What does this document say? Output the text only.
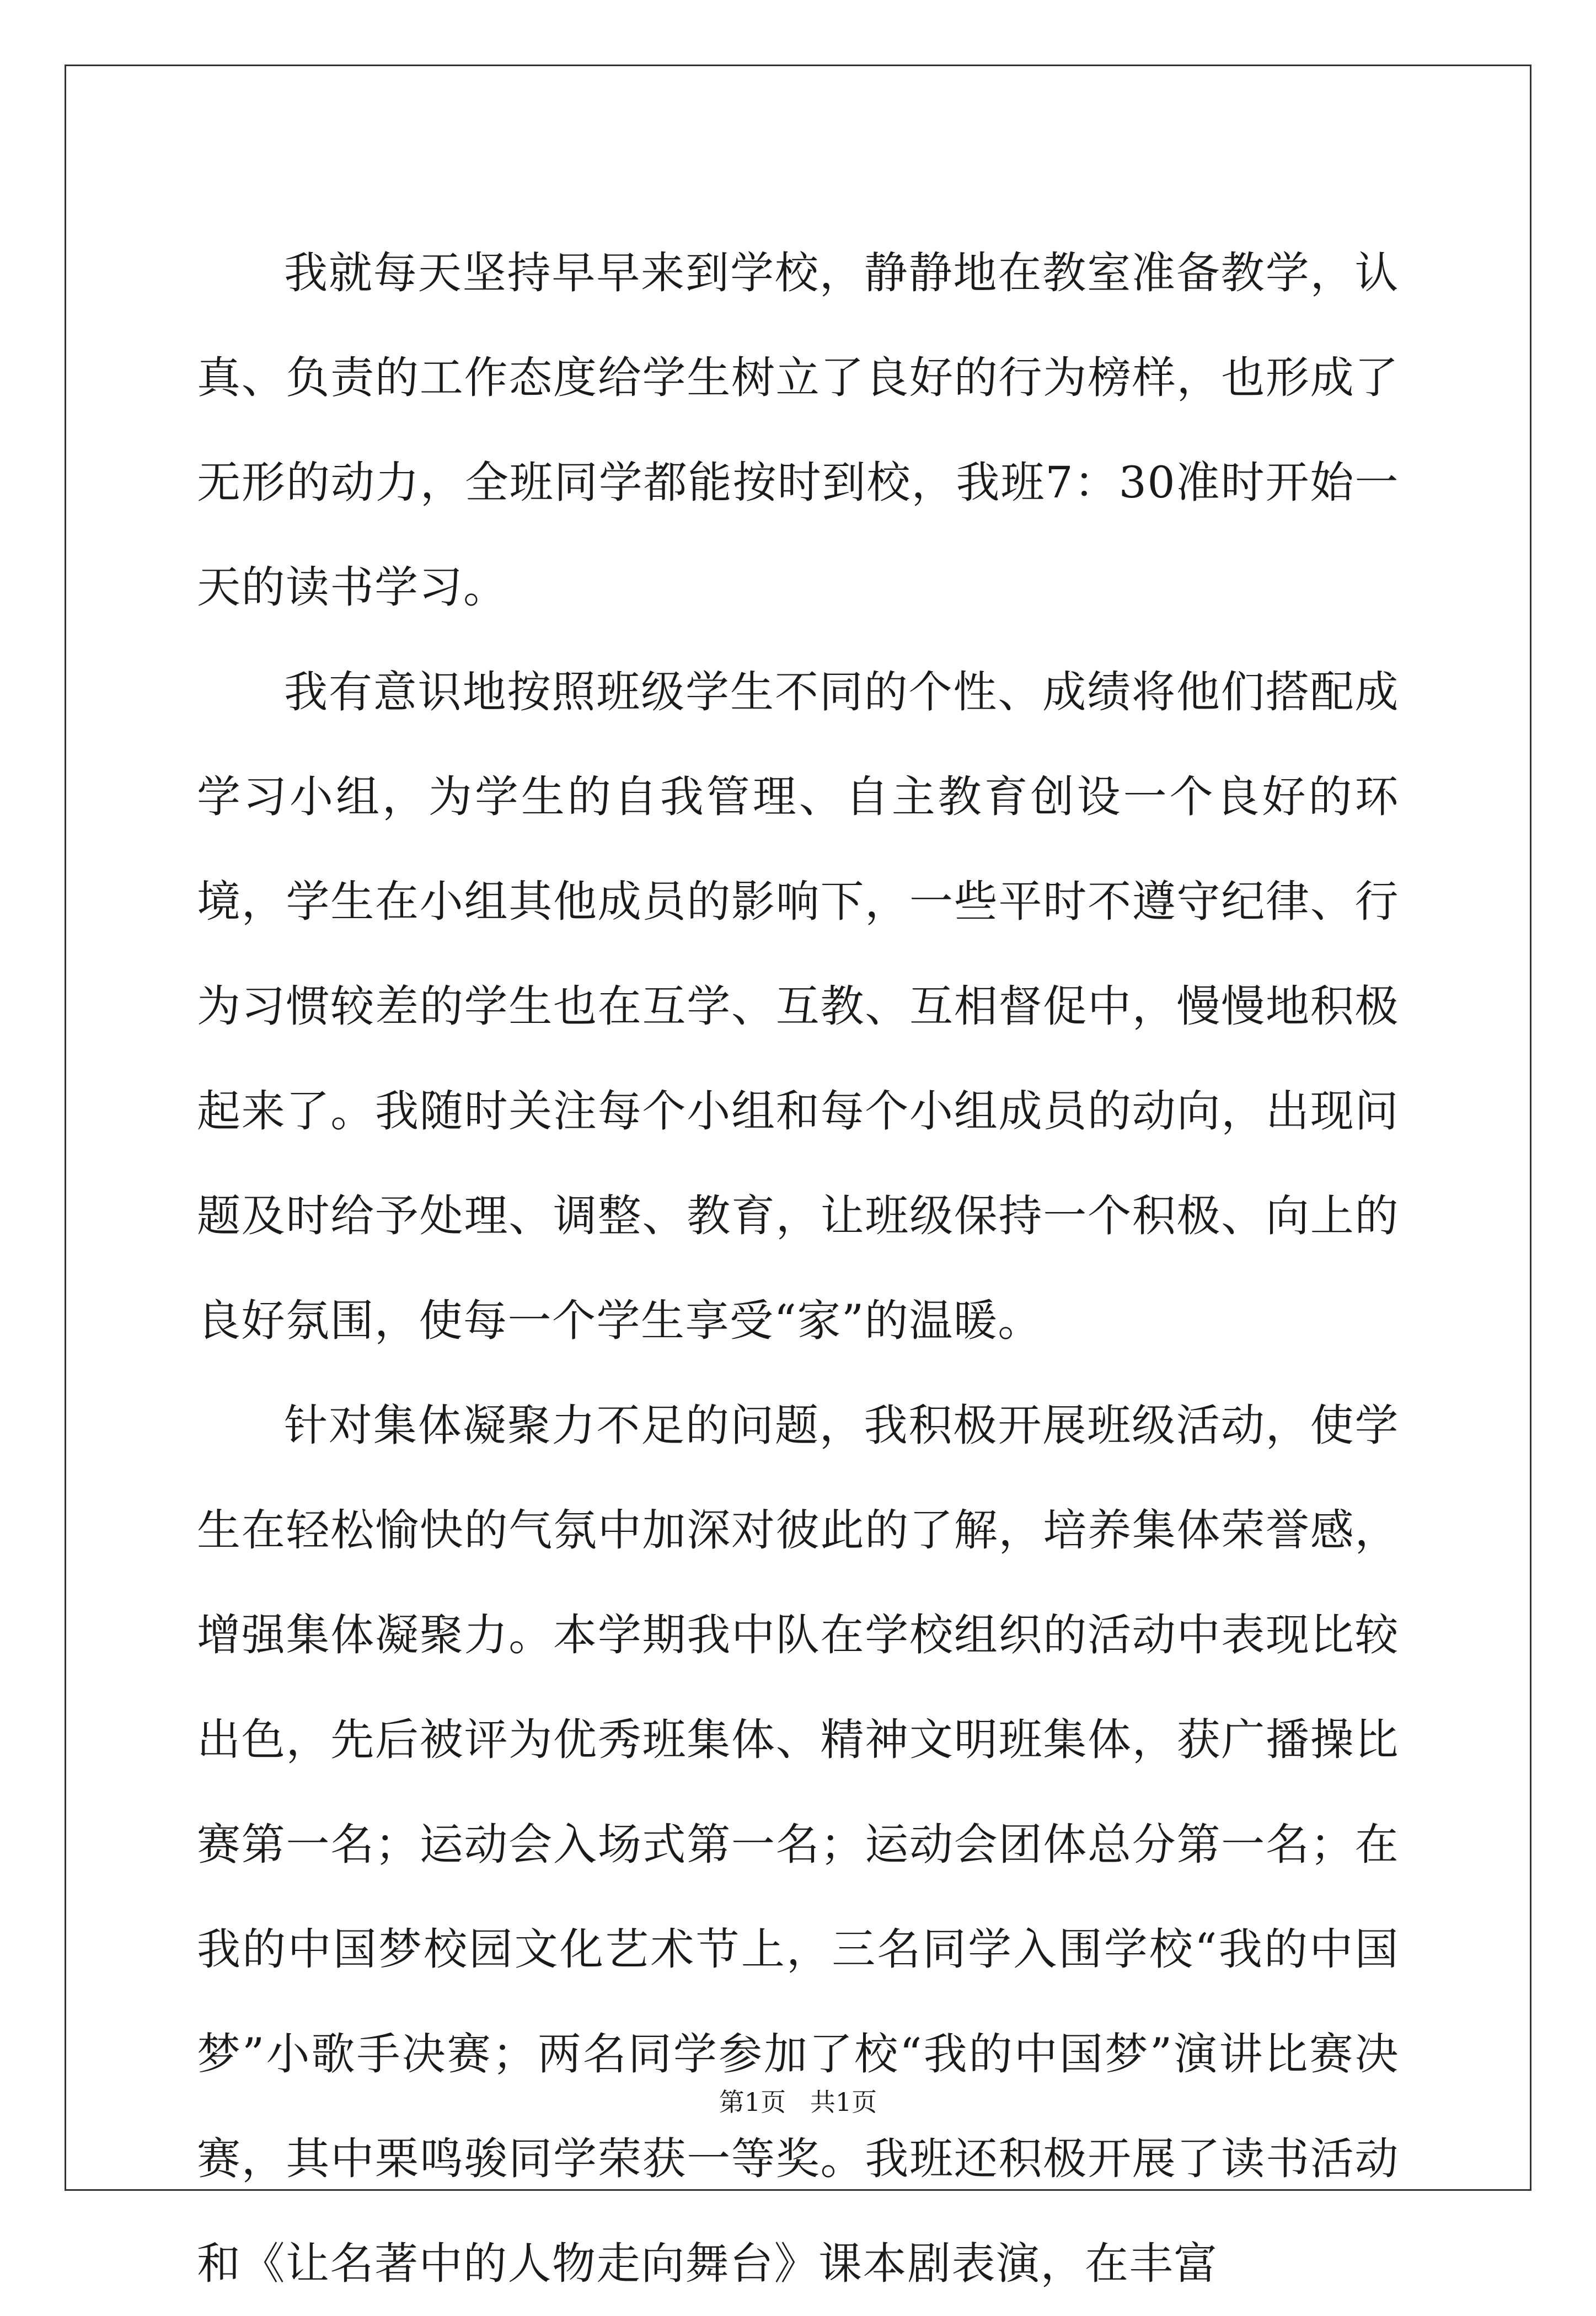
我就每天坚持早早来到学校，静静地在教室准备教学，认真、负责的工作态度给学生树立了良好的行为榜样，也形成了无形的动力，全班同学都能按时到校，我班7：30准时开始一天的读书学习。

我有意识地按照班级学生不同的个性、成绩将他们搭配成学习小组，为学生的自我管理、自主教育创设一个良好的环境，学生在小组其他成员的影响下，一些平时不遵守纪律、行为习惯较差的学生也在互学、互教、互相督促中，慢慢地积极起来了。我随时关注每个小组和每个小组成员的动向，出现问题及时给予处理、调整、教育，让班级保持一个积极、向上的良好氛围，使每一个学生享受“家”的温暖。

针对集体凝聚力不足的问题，我积极开展班级活动，使学生在轻松愉快的气氛中加深对彼此的了解，培养集体荣誉感，增强集体凝聚力。本学期我中队在学校组织的活动中表现比较出色，先后被评为优秀班集体、精神文明班集体，获广播操比赛第一名；运动会入场式第一名；运动会团体总分第一名；在我的中国梦校园文化艺术节上，三名同学入围学校“我的中国梦”小歌手决赛；两名同学参加了校“我的中国梦”演讲比赛决赛，其中栗鸣骏同学荣获一等奖。我班还积极开展了读书活动和《让名著中的人物走向舞台》课本剧表演，在丰富

第1页   共1页
